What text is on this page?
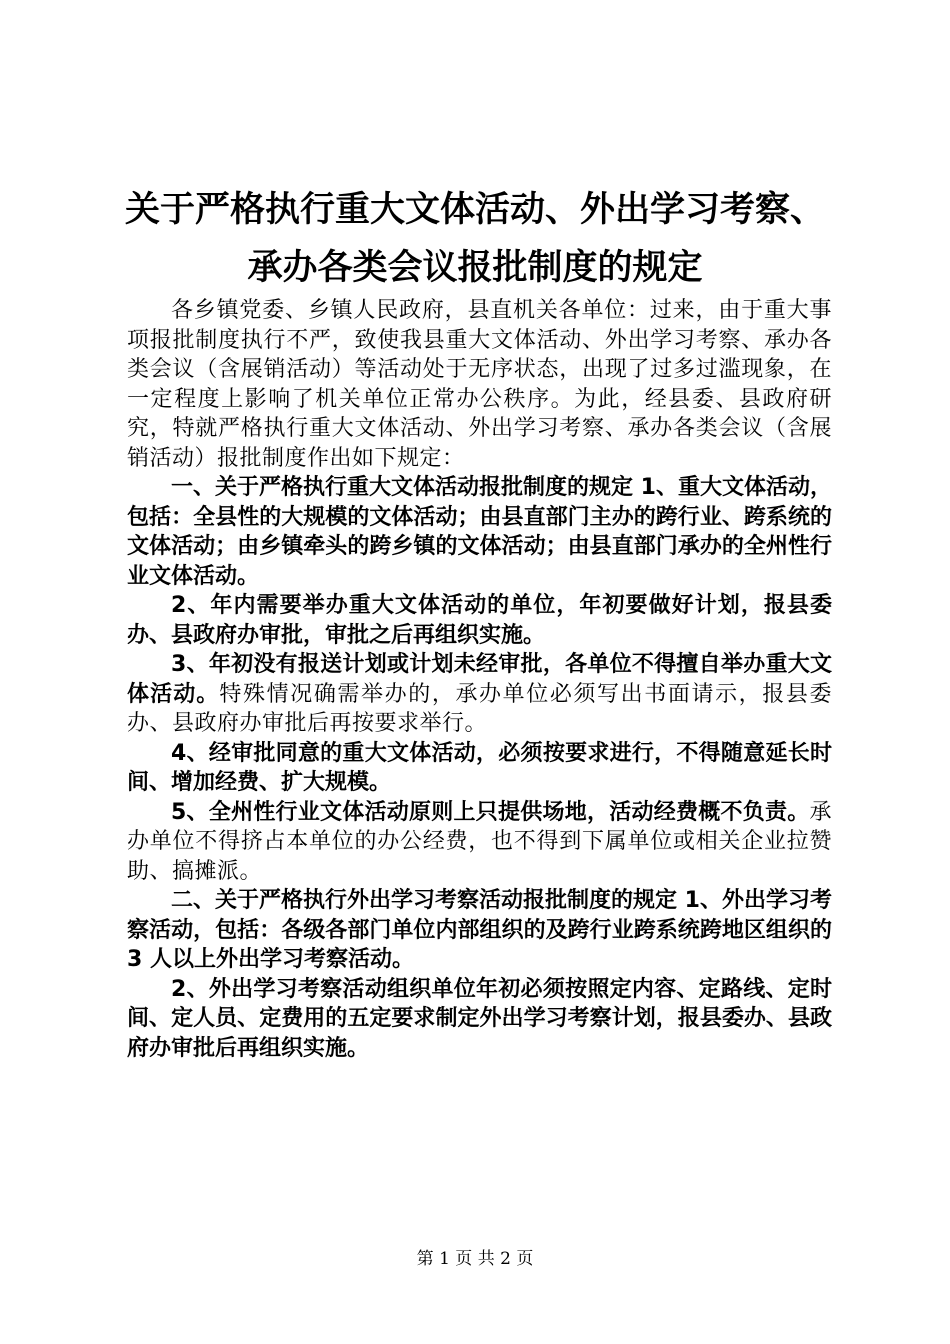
关于严格执行重大文体活动、外出学习考察、
承办各类会议报批制度的规定

各乡镇党委、乡镇人民政府，县直机关各单位：过来，由于重大事项报批制度执行不严，致使我县重大文体活动、外出学习考察、承办各类会议（含展销活动）等活动处于无序状态，出现了过多过滥现象，在一定程度上影响了机关单位正常办公秩序。为此，经县委、县政府研究，特就严格执行重大文体活动、外出学习考察、承办各类会议（含展销活动）报批制度作出如下规定：

一、关于严格执行重大文体活动报批制度的规定 1、重大文体活动，包括：全县性的大规模的文体活动；由县直部门主办的跨行业、跨系统的文体活动；由乡镇牵头的跨乡镇的文体活动；由县直部门承办的全州性行业文体活动。

2、年内需要举办重大文体活动的单位，年初要做好计划，报县委办、县政府办审批，审批之后再组织实施。

3、年初没有报送计划或计划未经审批，各单位不得擅自举办重大文体活动。特殊情况确需举办的，承办单位必须写出书面请示，报县委办、县政府办审批后再按要求举行。

4、经审批同意的重大文体活动，必须按要求进行，不得随意延长时间、增加经费、扩大规模。

5、全州性行业文体活动原则上只提供场地，活动经费概不负责。承办单位不得挤占本单位的办公经费，也不得到下属单位或相关企业拉赞助、搞摊派。

二、关于严格执行外出学习考察活动报批制度的规定 1、外出学习考察活动，包括：各级各部门单位内部组织的及跨行业跨系统跨地区组织的 3 人以上外出学习考察活动。

2、外出学习考察活动组织单位年初必须按照定内容、定路线、定时间、定人员、定费用的五定要求制定外出学习考察计划，报县委办、县政府办审批后再组织实施。

第 1 页 共 2 页
